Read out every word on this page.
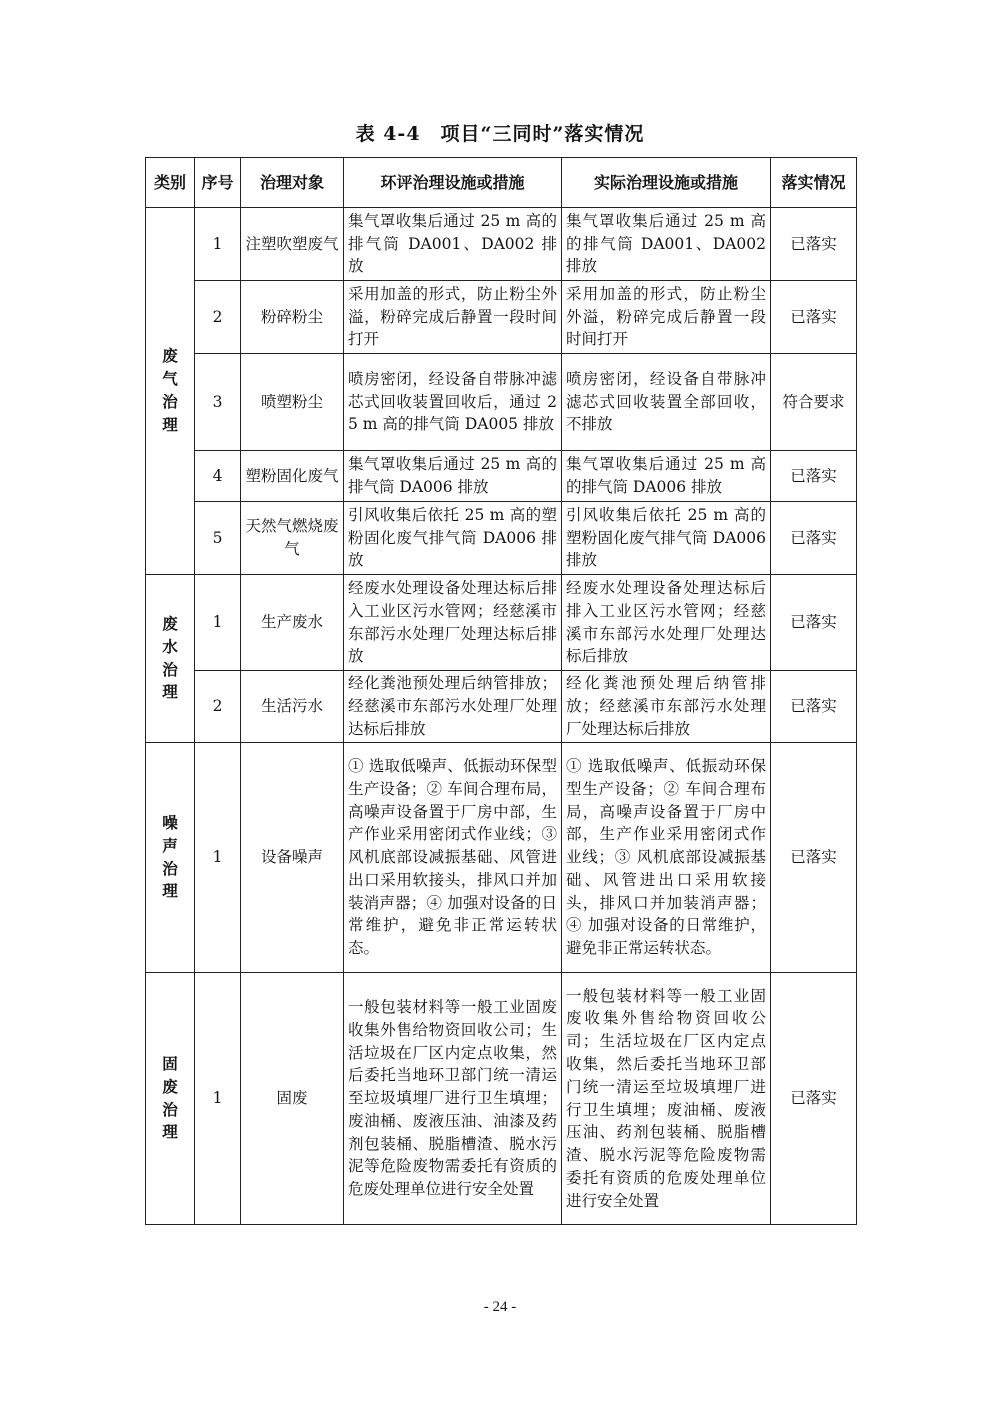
表 4-4　项目“三同时”落实情况
类别	序号	治理对象	环评治理设施或措施	实际治理设施或措施	落实情况

废
气
治
理	1	注塑吹塑废气	集气罩收集后通过 25 m 高的排气筒 DA001、DA002 排放	集气罩收集后通过 25 m 高的排气筒 DA001、DA002 排放	已落实
	2	粉碎粉尘	采用加盖的形式，防止粉尘外溢，粉碎完成后静置一段时间打开	采用加盖的形式，防止粉尘外溢，粉碎完成后静置一段时间打开	已落实
	3	喷塑粉尘	喷房密闭，经设备自带脉冲滤芯式回收装置回收后，通过 25 m 高的排气筒 DA005 排放	喷房密闭，经设备自带脉冲滤芯式回收装置全部回收，不排放	符合要求
	4	塑粉固化废气	集气罩收集后通过 25 m 高的排气筒 DA006 排放	集气罩收集后通过 25 m 高的排气筒 DA006 排放	已落实
	5	天然气燃烧废气	引风收集后依托 25 m 高的塑粉固化废气排气筒 DA006 排放	引风收集后依托 25 m 高的塑粉固化废气排气筒 DA006 排放	已落实

废
水
治
理	1	生产废水	经废水处理设备处理达标后排入工业区污水管网；经慈溪市东部污水处理厂处理达标后排放	经废水处理设备处理达标后排入工业区污水管网；经慈溪市东部污水处理厂处理达标后排放	已落实
	2	生活污水	经化粪池预处理后纳管排放；经慈溪市东部污水处理厂处理达标后排放	经化粪池预处理后纳管排放；经慈溪市东部污水处理厂处理达标后排放	已落实

噪
声
治
理	1	设备噪声	① 选取低噪声、低振动环保型生产设备；② 车间合理布局，高噪声设备置于厂房中部，生产作业采用密闭式作业线；③ 风机底部设减振基础、风管进出口采用软接头，排风口并加装消声器；④ 加强对设备的日常维护，避免非正常运转状态。	① 选取低噪声、低振动环保型生产设备；② 车间合理布局，高噪声设备置于厂房中部，生产作业采用密闭式作业线；③ 风机底部设减振基础、风管进出口采用软接头，排风口并加装消声器；④ 加强对设备的日常维护，避免非正常运转状态。	已落实

固
废
治
理	1	固废	一般包装材料等一般工业固废收集外售给物资回收公司；生活垃圾在厂区内定点收集，然后委托当地环卫部门统一清运至垃圾填埋厂进行卫生填埋；废油桶、废液压油、油漆及药剂包装桶、脱脂槽渣、脱水污泥等危险废物需委托有资质的危废处理单位进行安全处置	一般包装材料等一般工业固废收集外售给物资回收公司；生活垃圾在厂区内定点收集，然后委托当地环卫部门统一清运至垃圾填埋厂进行卫生填埋；废油桶、废液压油、药剂包装桶、脱脂槽渣、脱水污泥等危险废物需委托有资质的危废处理单位进行安全处置	已落实
- 24 -
